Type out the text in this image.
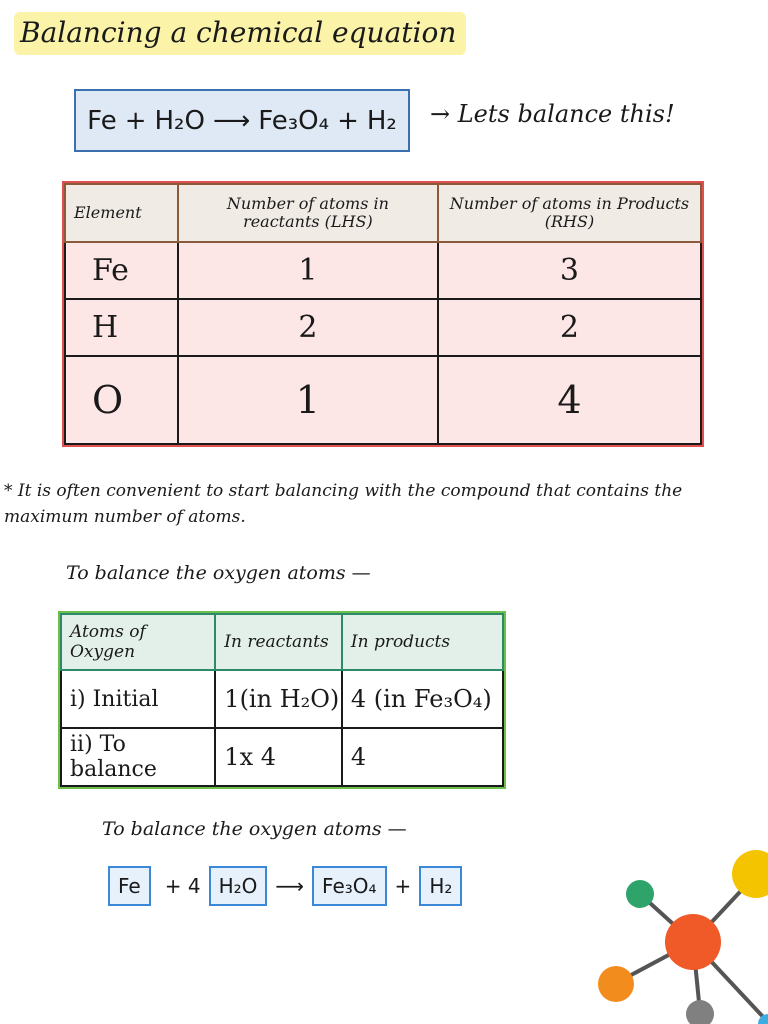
Balancing a chemical equation
Fe + H₂O ⟶ Fe₃O₄ + H₂ → Lets balance this!
Element	Number of atoms in reactants (LHS)	Number of atoms in Products (RHS)
Fe	1	3
H	2	2
O	1	4
* It is often convenient to start balancing with the compound that contains the maximum number of atoms.
To balance the oxygen atoms —
Atoms of Oxygen	In reactants	In products
i) Initial	1(in H₂O)	4 (in Fe₃O₄)
ii) To balance	1x 4	4
To balance the oxygen atoms —
Fe	+ 4 H₂O ⟶ Fe₃O₄ + H₂
